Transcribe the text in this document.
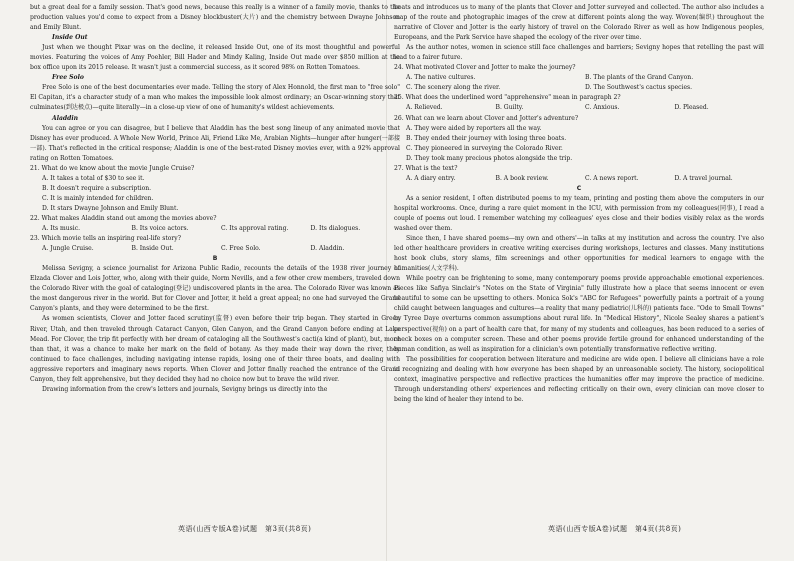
but a great deal for a family session. That's good news, because this really is a winner of a family movie, thanks to the production values you'd come to expect from a Disney blockbuster(大片) and the chemistry between Dwayne Johnson and Emily Blunt.

Inside Out

Just when we thought Pixar was on the decline, it released Inside Out, one of its most thoughtful and powerful movies. Featuring the voices of Amy Poehler, Bill Hader and Mindy Kaling, Inside Out made over $850 million at the box office upon its 2015 release. It wasn't just a commercial success, as it scored 98% on Rotten Tomatoes.

Free Solo

Free Solo is one of the best documentaries ever made. Telling the story of Alex Honnold, the first man to "free solo" El Capitan, it's a character study of a man who makes the impossible look almost ordinary; an Oscar-winning story that culminates(到达极点)—quite literally—in a close-up view of one of humanity's wildest achievements.

Aladdin

You can agree or you can disagree, but I believe that Aladdin has the best song lineup of any animated movie that Disney has ever produced. A Whole New World, Prince Ali, Friend Like Me, Arabian Nights—hunger after hunger(一部接一部). That's reflected in the critical response; Aladdin is one of the best-rated Disney movies ever, with a 92% approval rating on Rotten Tomatoes.

21. What do we know about the movie Jungle Cruise?

A. It takes a total of $30 to see it.

B. It doesn't require a subscription.

C. It is mainly intended for children.

D. It stars Dwayne Johnson and Emily Blunt.

22. What makes Aladdin stand out among the movies above?

A. Its music.	B. Its voice actors.	C. Its approval rating.	D. Its dialogues.

23. Which movie tells an inspiring real-life story?

A. Jungle Cruise.	B. Inside Out.	C. Free Solo.	D. Aladdin.

B

Melissa Sevigny, a science journalist for Arizona Public Radio, recounts the details of the 1938 river journey of Elzada Clover and Lois Jotter, who, along with their guide, Norm Nevills, and a few other crew members, traveled down the Colorado River with the goal of cataloging(登记) undiscovered plants in the area. The Colorado River was known as the most dangerous river in the world. But for Clover and Jotter, it held a great appeal; no one had surveyed the Grand Canyon's plants, and they were determined to be the first.

As women scientists, Clover and Jotter faced scrutiny(监督) even before their trip began. They started in Green River, Utah, and then traveled through Cataract Canyon, Glen Canyon, and the Grand Canyon before ending at Lake Mead. For Clover, the trip fit perfectly with her dream of cataloging all the Southwest's cacti(a kind of plant), but, more than that, it was a chance to make her mark on the field of botany. As they made their way down the river, they continued to face challenges, including navigating intense rapids, losing one of their three boats, and dealing with aggressive reporters and imaginary news reports. When Clover and Jotter finally reached the entrance of the Grand Canyon, they felt apprehensive, but they decided they had no choice now but to brave the wild river.

Drawing information from the crew's letters and journals, Sevigny brings us directly into the

boats and introduces us to many of the plants that Clover and Jotter surveyed and collected. The author also includes a map of the route and photographic images of the crew at different points along the way. Woven(编织) throughout the narrative of Clover and Jotter is the early history of travel on the Colorado River as well as how Indigenous peoples, Europeans, and the Park Service have shaped the ecology of the river over time.

As the author notes, women in science still face challenges and barriers; Sevigny hopes that retelling the past will lead to a fairer future.

24. What motivated Clover and Jotter to make the journey?

A. The native cultures.	B. The plants of the Grand Canyon.
C. The scenery along the river.	D. The Southwest's cactus species.

25. What does the underlined word "apprehensive" mean in paragraph 2?

A. Relieved.	B. Guilty.	C. Anxious.	D. Pleased.

26. What can we learn about Clover and Jotter's adventure?

A. They were aided by reporters all the way.

B. They ended their journey with losing three boats.

C. They pioneered in surveying the Colorado River.

D. They took many precious photos alongside the trip.

27. What is the text?

A. A diary entry.	B. A book review.	C. A news report.	D. A travel journal.

C

As a senior resident, I often distributed poems to my team, printing and posting them above the computers in our hospital workrooms. Once, during a rare quiet moment in the ICU, with permission from my colleagues(同事), I read a couple of poems out loud. I remember watching my colleagues' eyes close and their bodies visibly relax as the words washed over them.

Since then, I have shared poems—my own and others'—in talks at my institution and across the country. I've also led other healthcare providers in creative writing exercises during workshops, lectures and classes. Many institutions host book clubs, story slams, film screenings and other opportunities for medical learners to engage with the humanities(人文学科).

While poetry can be frightening to some, many contemporary poems provide approachable emotional experiences. Pieces like Safiya Sinclair's "Notes on the State of Virginia" fully illustrate how a place that seems innocent or even beautiful to some can be upsetting to others. Monica Sok's "ABC for Refugees" powerfully paints a portrait of a young child caught between languages and cultures—a reality that many pediatric(儿科的) patients face. "Ode to Small Towns" by Tyree Daye overturns common assumptions about rural life. In "Medical History", Nicole Sealey shares a patient's perspective(视角) on a part of health care that, for many of my students and colleagues, has been reduced to a series of check boxes on a computer screen. These and other poems provide fertile ground for enhanced understanding of the human condition, as well as inspiration for a clinician's own potentially transformative reflective writing.

The possibilities for cooperation between literature and medicine are wide open. I believe all clinicians have a role in recognizing and dealing with how everyone has been shaped by an unreasonable society. The history, sociopolitical context, imaginative perspective and reflective practices the humanities offer may improve the practice of medicine. Through understanding others' experiences and reflecting critically on their own, every clinician can move closer to being the kind of healer they intend to be.

英语(山西专版A卷)试题　第3页(共8页)	英语(山西专版A卷)试题　第4页(共8页)
